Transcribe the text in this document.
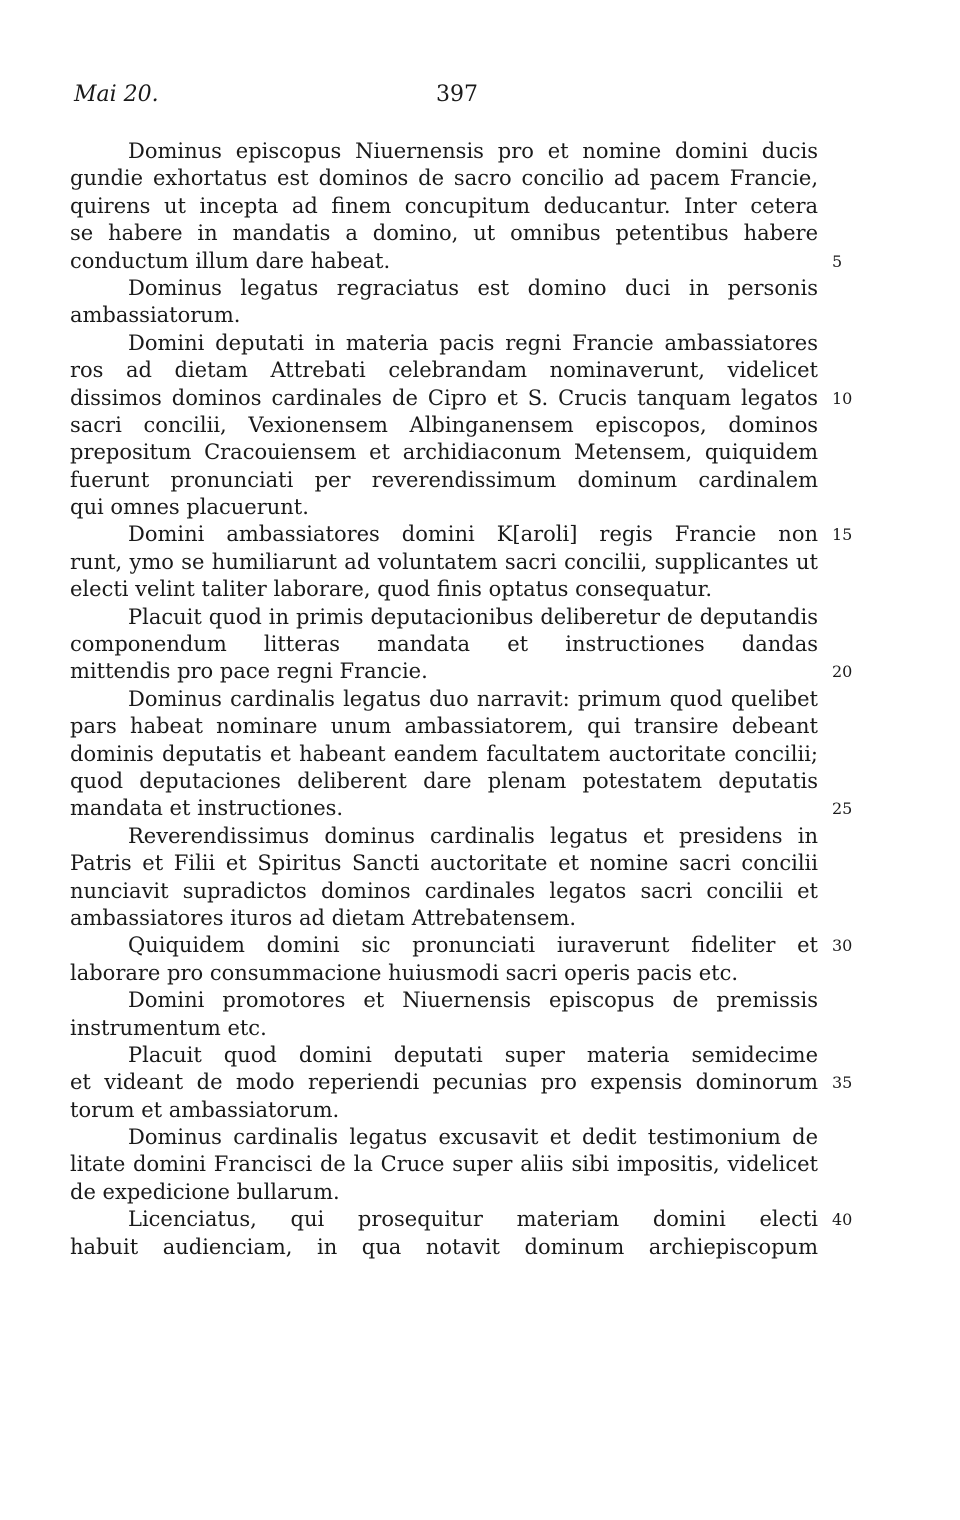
Mai 20.	397
Dominus episcopus Niuernensis pro et nomine domini ducis
gundie exhortatus est dominos de sacro concilio ad pacem Francie,
quirens ut incepta ad finem concupitum deducantur. Inter cetera
se habere in mandatis a domino, ut omnibus petentibus habere
conductum illum dare habeat.	5
Dominus legatus regraciatus est domino duci in personis
ambassiatorum.
Domini deputati in materia pacis regni Francie ambassiatores
ros ad dietam Attrebati celebrandam nominaverunt, videlicet
dissimos dominos cardinales de Cipro et S. Crucis tanquam legatos 10
sacri concilii, Vexionensem Albinganensem episcopos, dominos
prepositum Cracouiensem et archidiaconum Metensem, quiquidem
fuerunt pronunciati per reverendissimum dominum cardinalem
qui omnes placuerunt.
Domini ambassiatores domini K[aroli] regis Francie non 15
runt, ymo se humiliarunt ad voluntatem sacri concilii, supplicantes ut
electi velint taliter laborare, quod finis optatus consequatur.
Placuit quod in primis deputacionibus deliberetur de deputandis
componendum litteras mandata et instructiones dandas
mittendis pro pace regni Francie.	20
Dominus cardinalis legatus duo narravit: primum quod quelibet
pars habeat nominare unum ambassiatorem, qui transire debeant
dominis deputatis et habeant eandem facultatem auctoritate concilii;
quod deputaciones deliberent dare plenam potestatem deputatis
mandata et instructiones.	25
Reverendissimus dominus cardinalis legatus et presidens in
Patris et Filii et Spiritus Sancti auctoritate et nomine sacri concilii
nunciavit supradictos dominos cardinales legatos sacri concilii et
ambassiatores ituros ad dietam Attrebatensem.
Quiquidem domini sic pronunciati iuraverunt fideliter et 30
laborare pro consummacione huiusmodi sacri operis pacis etc.
Domini promotores et Niuernensis episcopus de premissis
instrumentum etc.
Placuit quod domini deputati super materia semidecime
et videant de modo reperiendi pecunias pro expensis dominorum 35
torum et ambassiatorum.
Dominus cardinalis legatus excusavit et dedit testimonium de
litate domini Francisci de la Cruce super aliis sibi impositis, videlicet
de expedicione bullarum.
Licenciatus, qui prosequitur materiam domini electi 40
habuit audienciam, in qua notavit dominum archiepiscopum
